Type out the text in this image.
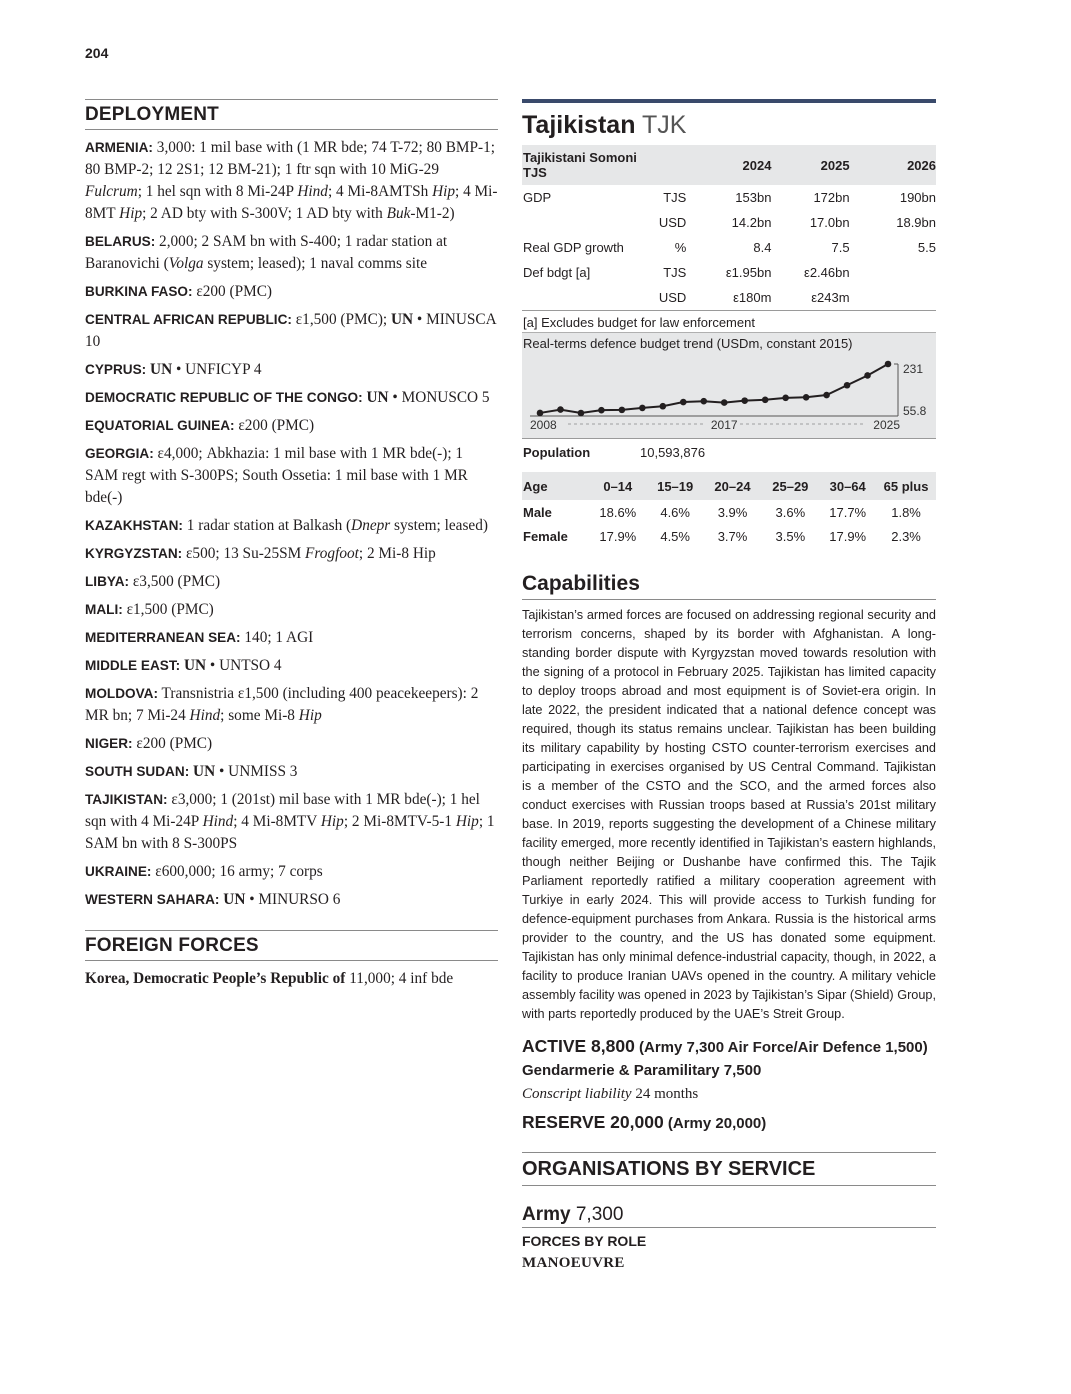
204
DEPLOYMENT
ARMENIA: 3,000: 1 mil base with (1 MR bde; 74 T-72; 80 BMP-1; 80 BMP-2; 12 2S1; 12 BM-21); 1 ftr sqn with 10 MiG-29 Fulcrum; 1 hel sqn with 8 Mi-24P Hind; 4 Mi-8AMTSh Hip; 4 Mi-8MT Hip; 2 AD bty with S-300V; 1 AD bty with Buk-M1-2)
BELARUS: 2,000; 2 SAM bn with S-400; 1 radar station at Baranovichi (Volga system; leased); 1 naval comms site
BURKINA FASO: ε200 (PMC)
CENTRAL AFRICAN REPUBLIC: ε1,500 (PMC); UN • MINUSCA 10
CYPRUS: UN • UNFICYP 4
DEMOCRATIC REPUBLIC OF THE CONGO: UN • MONUSCO 5
EQUATORIAL GUINEA: ε200 (PMC)
GEORGIA: ε4,000; Abkhazia: 1 mil base with 1 MR bde(-); 1 SAM regt with S-300PS; South Ossetia: 1 mil base with 1 MR bde(-)
KAZAKHSTAN: 1 radar station at Balkash (Dnepr system; leased)
KYRGYZSTAN: ε500; 13 Su-25SM Frogfoot; 2 Mi-8 Hip
LIBYA: ε3,500 (PMC)
MALI: ε1,500 (PMC)
MEDITERRANEAN SEA: 140; 1 AGI
MIDDLE EAST: UN • UNTSO 4
MOLDOVA: Transnistria ε1,500 (including 400 peacekeepers): 2 MR bn; 7 Mi-24 Hind; some Mi-8 Hip
NIGER: ε200 (PMC)
SOUTH SUDAN: UN • UNMISS 3
TAJIKISTAN: ε3,000; 1 (201st) mil base with 1 MR bde(-); 1 hel sqn with 4 Mi-24P Hind; 4 Mi-8MTV Hip; 2 Mi-8MTV-5-1 Hip; 1 SAM bn with 8 S-300PS
UKRAINE: ε600,000; 16 army; 7 corps
WESTERN SAHARA: UN • MINURSO 6
FOREIGN FORCES
Korea, Democratic People’s Republic of 11,000; 4 inf bde
Tajikistan TJK
Tajikistani Somoni TJS		2024	2025	2026
GDP	TJS	153bn	172bn	190bn
	USD	14.2bn	17.0bn	18.9bn
Real GDP growth	%	8.4	7.5	5.5
Def bdgt [a]	TJS	ε1.95bn	ε2.46bn	
	USD	ε180m	ε243m	
[a] Excludes budget for law enforcement
Real-terms defence budget trend (USDm, constant 2015)
2008	2017	2025
231
55.8
Population	10,593,876
Age	0–14	15–19	20–24	25–29	30–64	65 plus
Male	18.6%	4.6%	3.9%	3.6%	17.7%	1.8%
Female	17.9%	4.5%	3.7%	3.5%	17.9%	2.3%
Capabilities
Tajikistan’s armed forces are focused on addressing regional security and terrorism concerns, shaped by its border with Afghanistan. A long-standing border dispute with Kyrgyzstan moved towards resolution with the signing of a protocol in February 2025. Tajikistan has limited capacity to deploy troops abroad and most equipment is of Soviet-era origin. In late 2022, the president indicated that a national defence concept was required, though its status remains unclear. Tajikistan has been building its military capability by hosting CSTO counter-terrorism exercises and participating in exercises organised by US Central Command. Tajikistan is a member of the CSTO and the SCO, and the armed forces also conduct exercises with Russian troops based at Russia’s 201st military base. In 2019, reports suggesting the development of a Chinese military facility emerged, more recently identified in Tajikistan’s eastern highlands, though neither Beijing or Dushanbe have confirmed this. The Tajik Parliament reportedly ratified a military cooperation agreement with Turkiye in early 2024. This will provide access to Turkish funding for defence-equipment purchases from Ankara. Russia is the historical arms provider to the country, and the US has donated some equipment. Tajikistan has only minimal defence-industrial capacity, though, in 2022, a facility to produce Iranian UAVs opened in the country. A military vehicle assembly facility was opened in 2023 by Tajikistan’s Sipar (Shield) Group, with parts reportedly produced by the UAE’s Streit Group.
ACTIVE 8,800 (Army 7,300 Air Force/Air Defence 1,500) Gendarmerie & Paramilitary 7,500
Conscript liability 24 months
RESERVE 20,000 (Army 20,000)
ORGANISATIONS BY SERVICE
Army 7,300
FORCES BY ROLE
MANOEUVRE
